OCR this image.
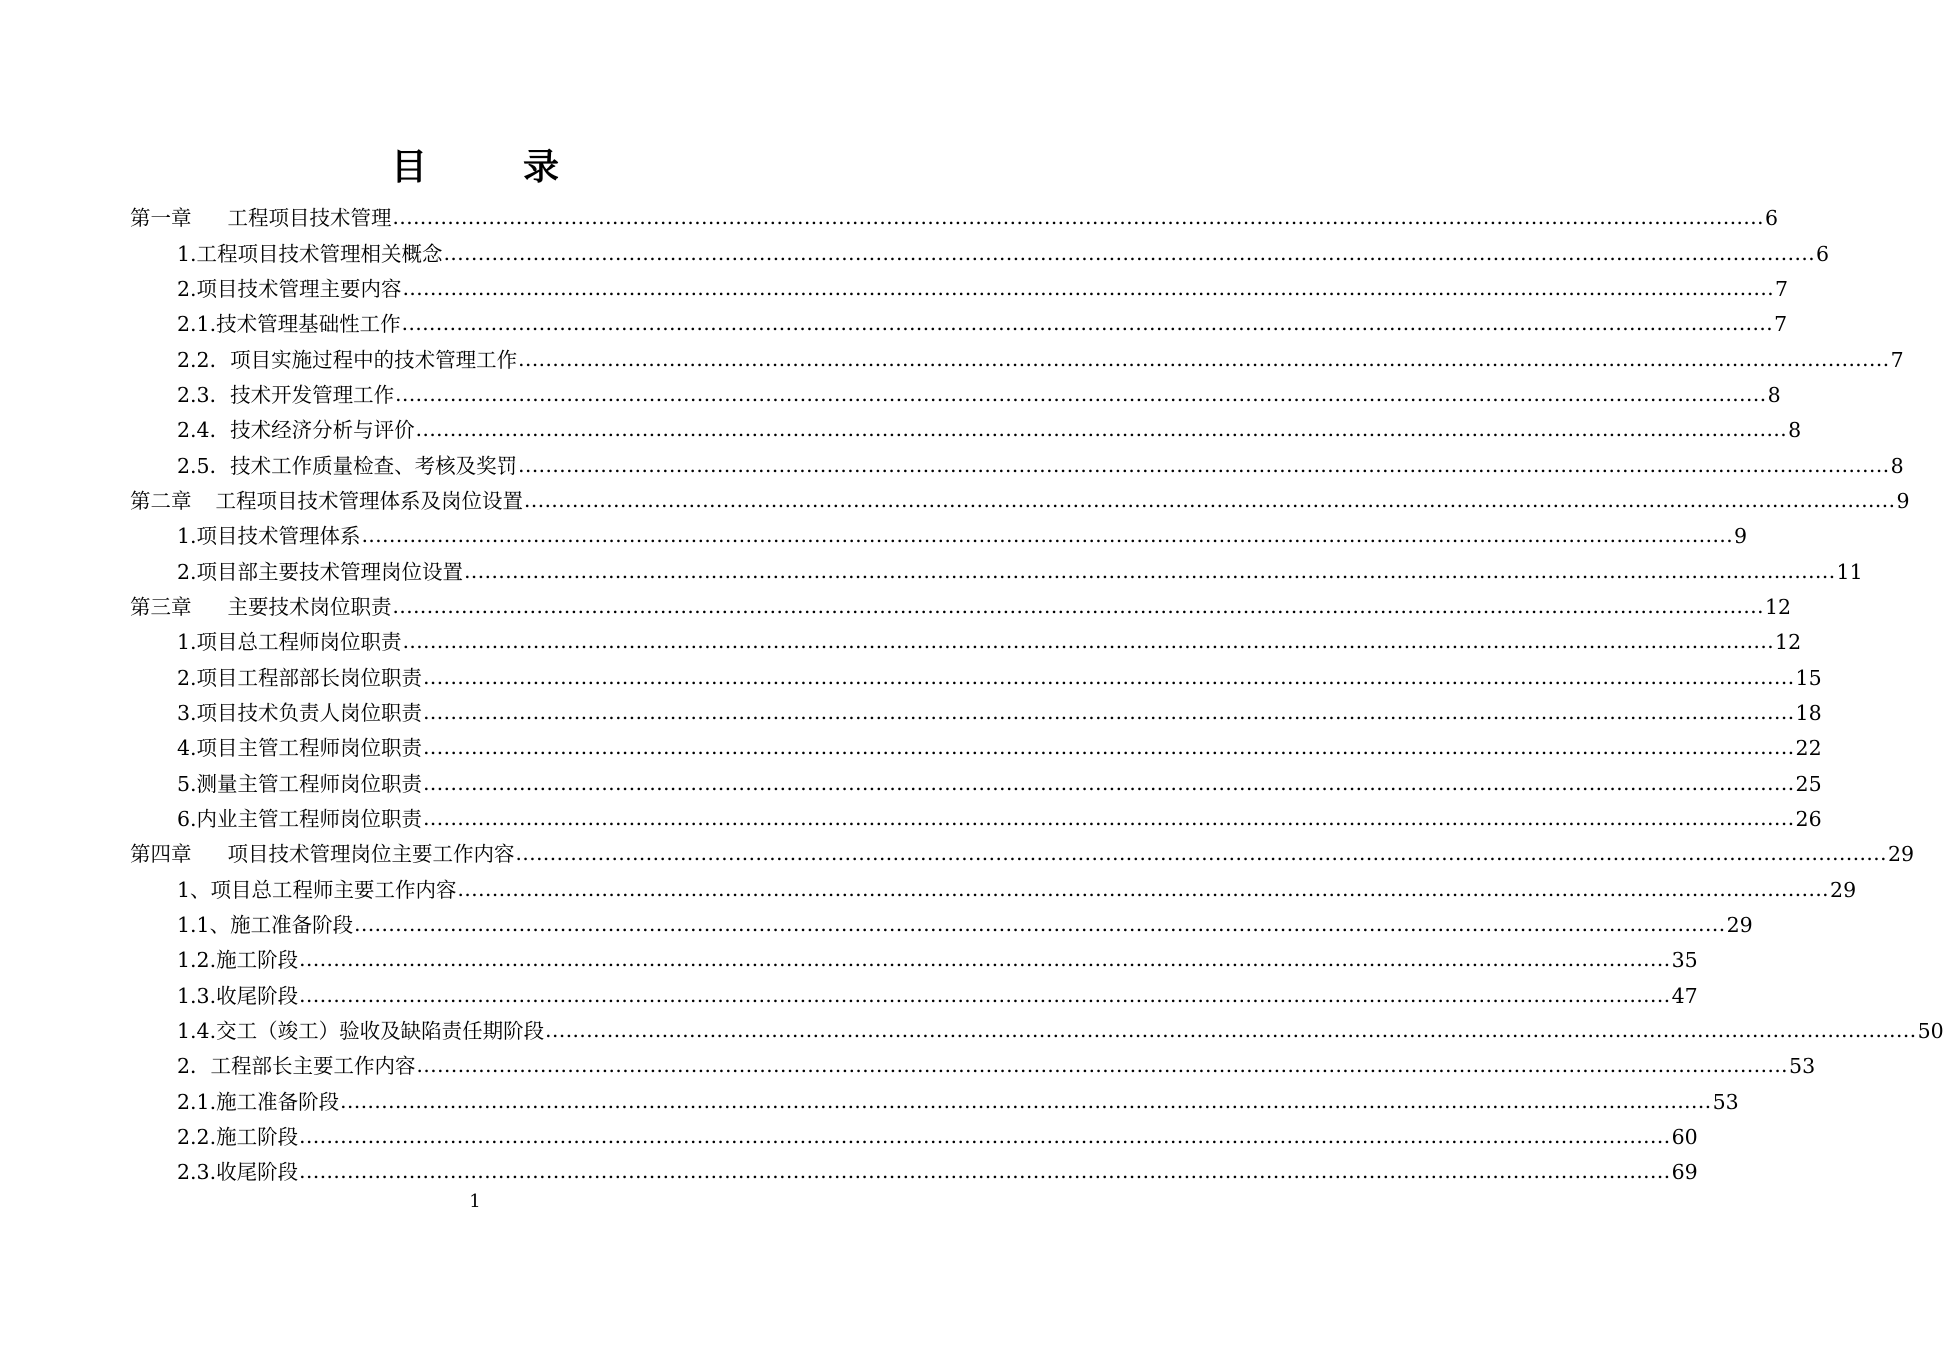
目　录
第一章 工程项目技术管理 ........................................................................................................................................................................................................ 6
1.工程项目技术管理相关概念 ........................................................................................................................................................................................................ 6
2.项目技术管理主要内容 ........................................................................................................................................................................................................ 7
2.1.技术管理基础性工作 ........................................................................................................................................................................................................ 7
2.2．项目实施过程中的技术管理工作 ........................................................................................................................................................................................................ 7
2.3．技术开发管理工作 ........................................................................................................................................................................................................ 8
2.4．技术经济分析与评价 ........................................................................................................................................................................................................ 8
2.5．技术工作质量检查、考核及奖罚 ........................................................................................................................................................................................................ 8
第二章 工程项目技术管理体系及岗位设置 ........................................................................................................................................................................................................ 9
1.项目技术管理体系 ........................................................................................................................................................................................................ 9
2.项目部主要技术管理岗位设置 ........................................................................................................................................................................................................ 11
第三章 主要技术岗位职责 ........................................................................................................................................................................................................ 12
1.项目总工程师岗位职责 ........................................................................................................................................................................................................ 12
2.项目工程部部长岗位职责 ........................................................................................................................................................................................................ 15
3.项目技术负责人岗位职责 ........................................................................................................................................................................................................ 18
4.项目主管工程师岗位职责 ........................................................................................................................................................................................................ 22
5.测量主管工程师岗位职责 ........................................................................................................................................................................................................ 25
6.内业主管工程师岗位职责 ........................................................................................................................................................................................................ 26
第四章 项目技术管理岗位主要工作内容 ........................................................................................................................................................................................................ 29
1、项目总工程师主要工作内容 ........................................................................................................................................................................................................ 29
1.1、施工准备阶段 ........................................................................................................................................................................................................ 29
1.2.施工阶段 ........................................................................................................................................................................................................ 35
1.3.收尾阶段 ........................................................................................................................................................................................................ 47
1.4.交工（竣工）验收及缺陷责任期阶段 ........................................................................................................................................................................................................ 50
2．工程部长主要工作内容 ........................................................................................................................................................................................................ 53
2.1.施工准备阶段 ........................................................................................................................................................................................................ 53
2.2.施工阶段 ........................................................................................................................................................................................................ 60
2.3.收尾阶段 ........................................................................................................................................................................................................ 69
1
